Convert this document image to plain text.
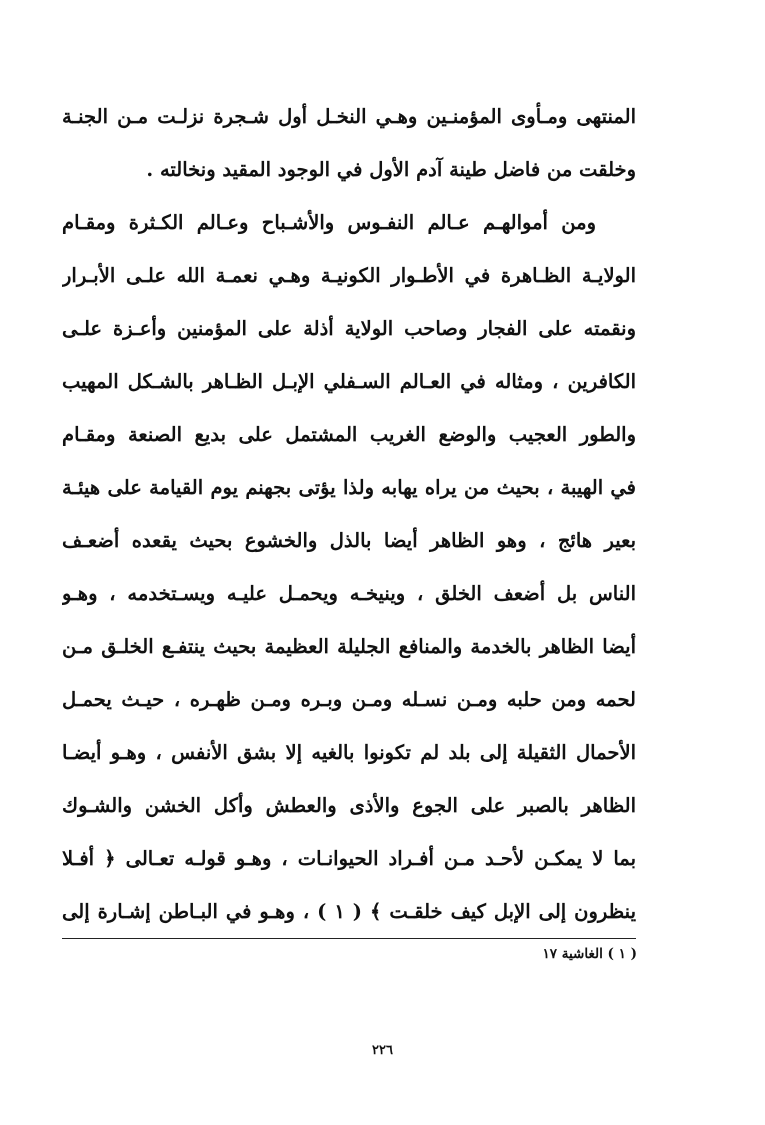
المنتهى ومـأوى المؤمنـين وهـي النخـل أول شـجرة نزلـت مـن الجنـة
وخلقت من فاضل طينة آدم الأول في الوجود المقيد ونخالته .
ومن أموالهـم عـالم النفـوس والأشـباح وعـالم الكـثرة ومقـام
الولايـة الظـاهرة في الأطـوار الكونيـة وهـي نعمـة الله علـى الأبـرار
ونقمته على الفجار وصاحب الولاية أذلة على المؤمنين وأعـزة علـى
الكافرين ، ومثاله في العـالم السـفلي الإبـل الظـاهر بالشـكل المهيب
والطور العجيب والوضع الغريب المشتمل على بديع الصنعة ومقـام
في الهيبة ، بحيث من يراه يهابه ولذا يؤتى بجهنم يوم القيامة على هيئـة
بعير هائج ، وهو الظاهر أيضا بالذل والخشوع بحيث يقعده أضعـف
الناس بل أضعف الخلق ، وينيخـه ويحمـل عليـه ويسـتخدمه ، وهـو
أيضا الظاهر بالخدمة والمنافع الجليلة العظيمة بحيث ينتفـع الخلـق مـن
لحمه ومن حلبه ومـن نسـله ومـن وبـره ومـن ظهـره ، حيـث يحمـل
الأحمال الثقيلة إلى بلد لم تكونوا بالغيه إلا بشق الأنفس ، وهـو أيضـا
الظاهر بالصبر على الجوع والأذى والعطش وأكل الخشن والشـوك
بما لا يمكـن لأحـد مـن أفـراد الحيوانـات ، وهـو قولـه تعـالى ﴿ أفـلا
ينظرون إلى الإبل كيف خلقـت ﴾ ( ١ ) ، وهـو في البـاطن إشـارة إلى
( ١ ) الغاشية ١٧
٢٢٦
